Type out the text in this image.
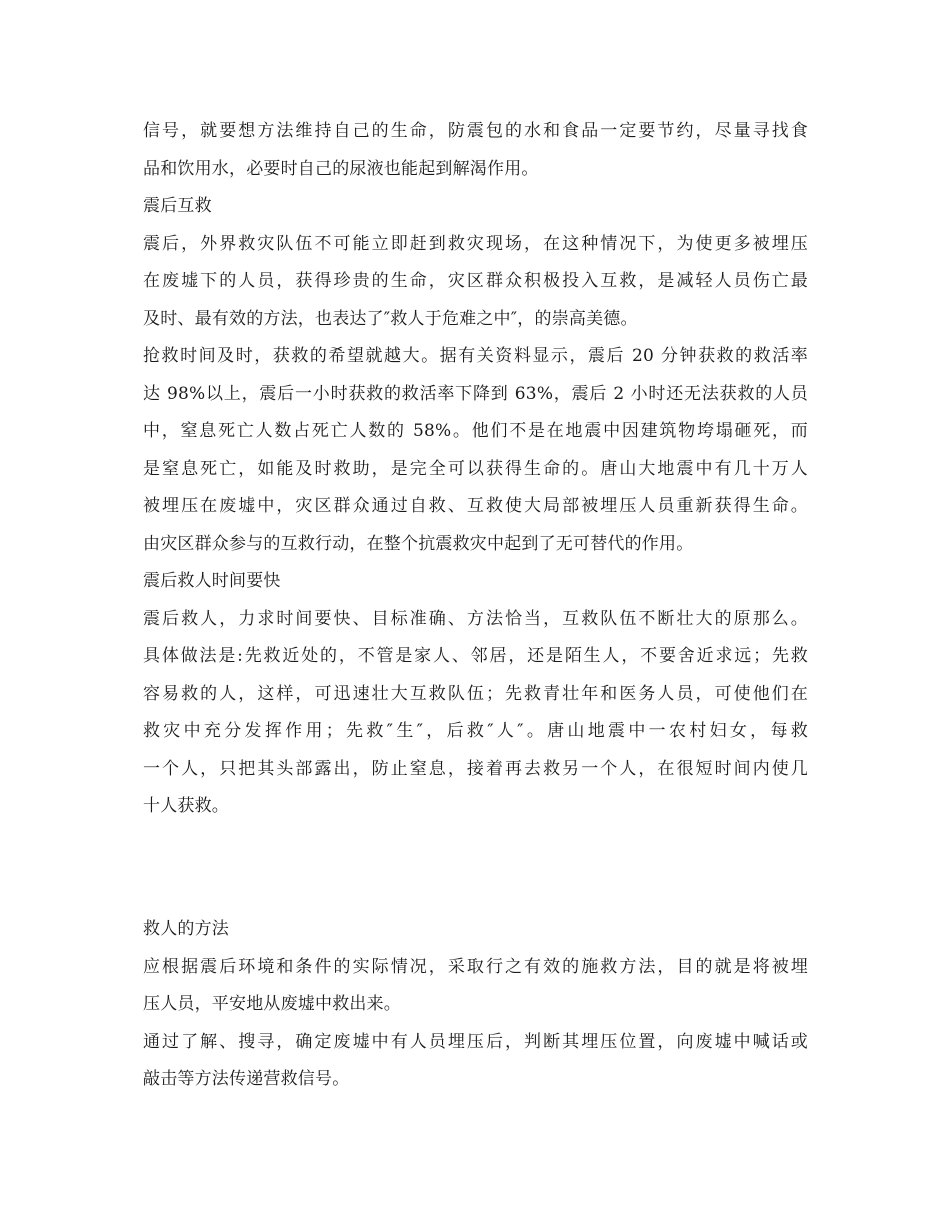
信号，就要想方法维持自己的生命，防震包的水和食品一定要节约，尽量寻找食
品和饮用水，必要时自己的尿液也能起到解渴作用。

震后互救

震后，外界救灾队伍不可能立即赶到救灾现场，在这种情况下，为使更多被埋压
在废墟下的人员，获得珍贵的生命，灾区群众积极投入互救，是减轻人员伤亡最
及时、最有效的方法，也表达了″救人于危难之中″，的崇高美德。

抢救时间及时，获救的希望就越大。据有关资料显示，震后 20 分钟获救的救活率
达 98%以上，震后一小时获救的救活率下降到 63%，震后 2 小时还无法获救的人员
中，窒息死亡人数占死亡人数的 58%。他们不是在地震中因建筑物垮塌砸死，而
是窒息死亡，如能及时救助，是完全可以获得生命的。唐山大地震中有几十万人
被埋压在废墟中，灾区群众通过自救、互救使大局部被埋压人员重新获得生命。
由灾区群众参与的互救行动，在整个抗震救灾中起到了无可替代的作用。

震后救人时间要快

震后救人，力求时间要快、目标准确、方法恰当，互救队伍不断壮大的原那么。
具体做法是:先救近处的，不管是家人、邻居，还是陌生人，不要舍近求远；先救
容易救的人，这样，可迅速壮大互救队伍；先救青壮年和医务人员，可使他们在
救灾中充分发挥作用；先救″生″，后救″人″。唐山地震中一农村妇女，每救
一个人，只把其头部露出，防止窒息，接着再去救另一个人，在很短时间内使几
十人获救。

救人的方法

应根据震后环境和条件的实际情况，采取行之有效的施救方法，目的就是将被埋
压人员，平安地从废墟中救出来。

通过了解、搜寻，确定废墟中有人员埋压后，判断其埋压位置，向废墟中喊话或
敲击等方法传递营救信号。
